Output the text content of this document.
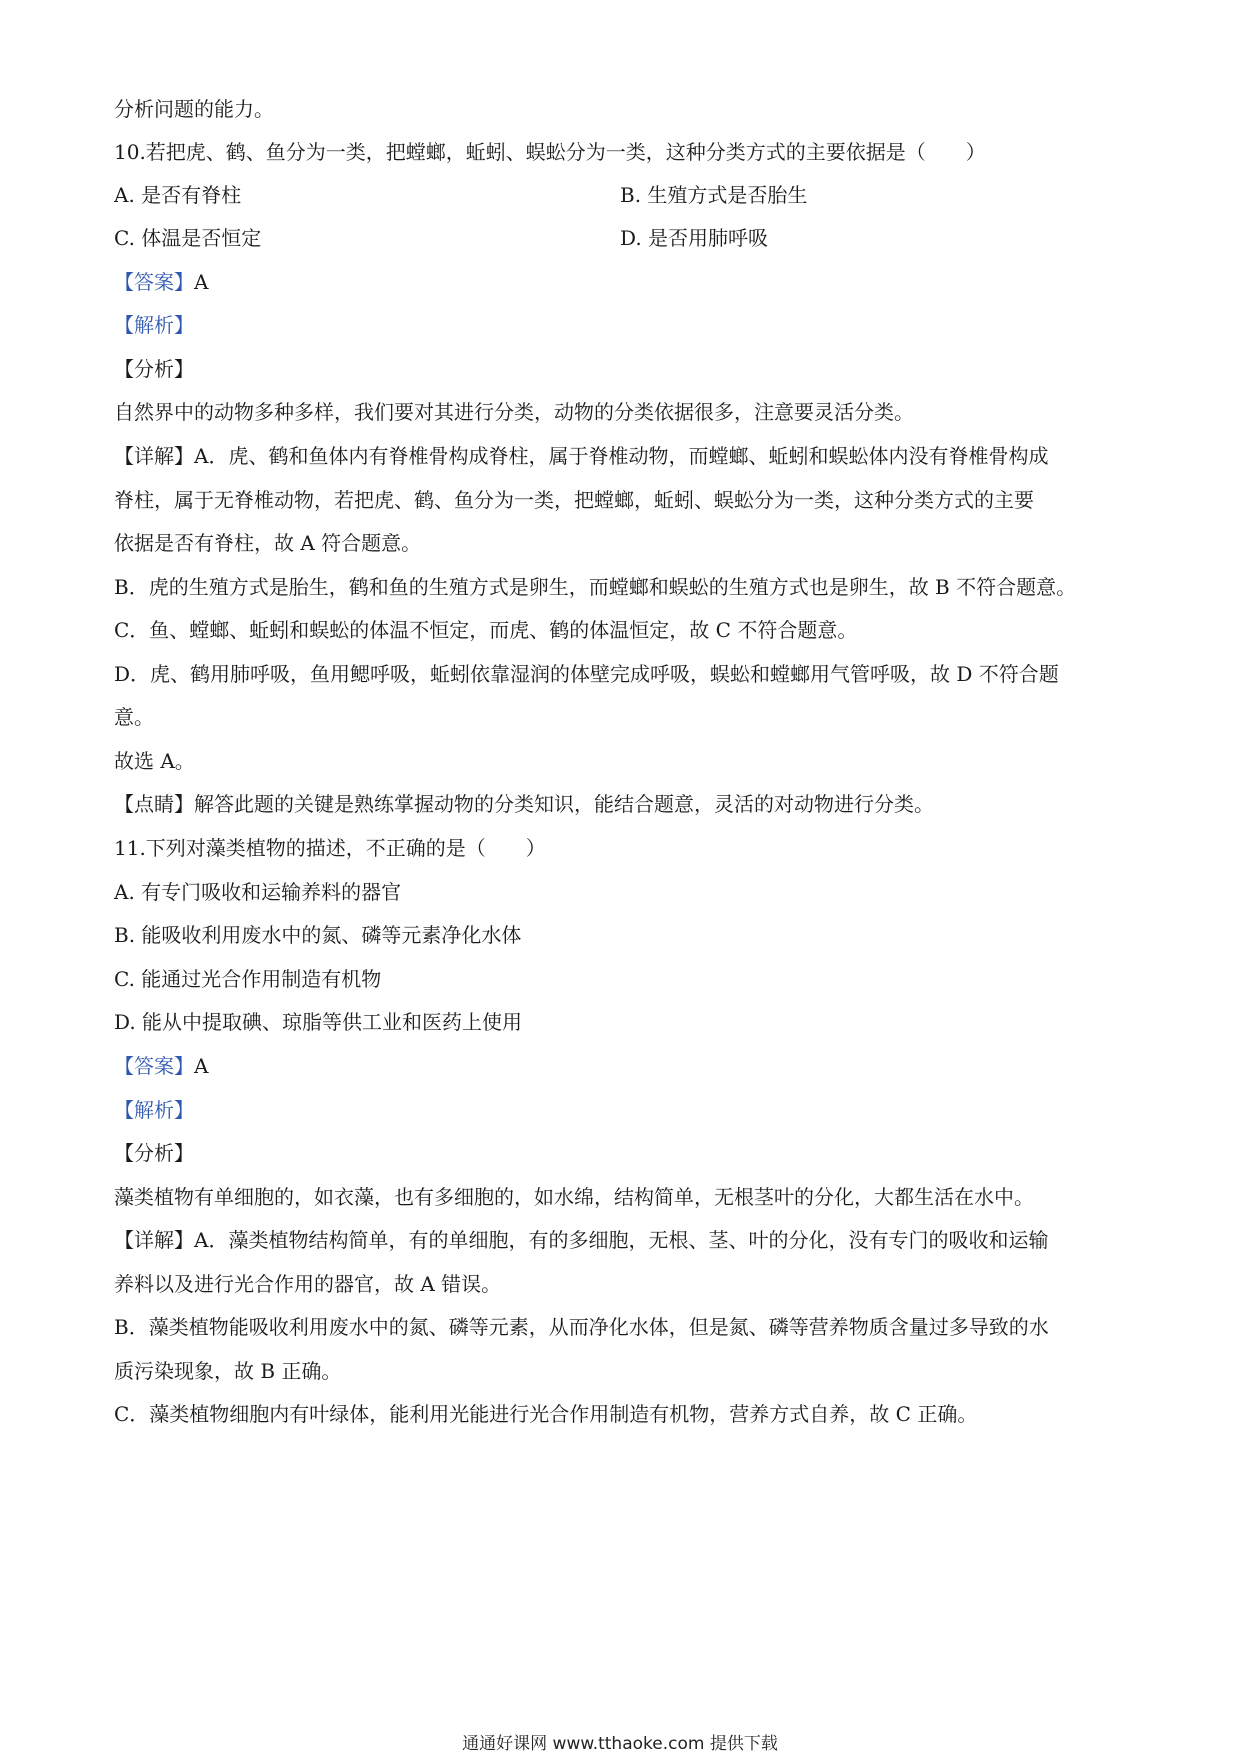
分析问题的能力。
10.若把虎、鹤、鱼分为一类，把螳螂，蚯蚓、蜈蚣分为一类，这种分类方式的主要依据是（　　）
A. 是否有脊柱	B. 生殖方式是否胎生
C. 体温是否恒定	D. 是否用肺呼吸
【答案】A
【解析】
【分析】
自然界中的动物多种多样，我们要对其进行分类，动物的分类依据很多，注意要灵活分类。
【详解】A．虎、鹤和鱼体内有脊椎骨构成脊柱，属于脊椎动物，而螳螂、蚯蚓和蜈蚣体内没有脊椎骨构成
脊柱，属于无脊椎动物，若把虎、鹤、鱼分为一类，把螳螂，蚯蚓、蜈蚣分为一类，这种分类方式的主要
依据是否有脊柱，故 A 符合题意。
B．虎的生殖方式是胎生，鹤和鱼的生殖方式是卵生，而螳螂和蜈蚣的生殖方式也是卵生，故 B 不符合题意。
C．鱼、螳螂、蚯蚓和蜈蚣的体温不恒定，而虎、鹤的体温恒定，故 C 不符合题意。
D．虎、鹤用肺呼吸，鱼用鳃呼吸，蚯蚓依靠湿润的体壁完成呼吸，蜈蚣和螳螂用气管呼吸，故 D 不符合题
意。
故选 A。
【点睛】解答此题的关键是熟练掌握动物的分类知识，能结合题意，灵活的对动物进行分类。
11.下列对藻类植物的描述，不正确的是（　　）
A. 有专门吸收和运输养料的器官
B. 能吸收利用废水中的氮、磷等元素净化水体
C. 能通过光合作用制造有机物
D. 能从中提取碘、琼脂等供工业和医药上使用
【答案】A
【解析】
【分析】
藻类植物有单细胞的，如衣藻，也有多细胞的，如水绵，结构简单，无根茎叶的分化，大都生活在水中。
【详解】A．藻类植物结构简单，有的单细胞，有的多细胞，无根、茎、叶的分化，没有专门的吸收和运输
养料以及进行光合作用的器官，故 A 错误。
B．藻类植物能吸收利用废水中的氮、磷等元素，从而净化水体，但是氮、磷等营养物质含量过多导致的水
质污染现象，故 B 正确。
C．藻类植物细胞内有叶绿体，能利用光能进行光合作用制造有机物，营养方式自养，故 C 正确。
通通好课网 www.tthaoke.com 提供下载
